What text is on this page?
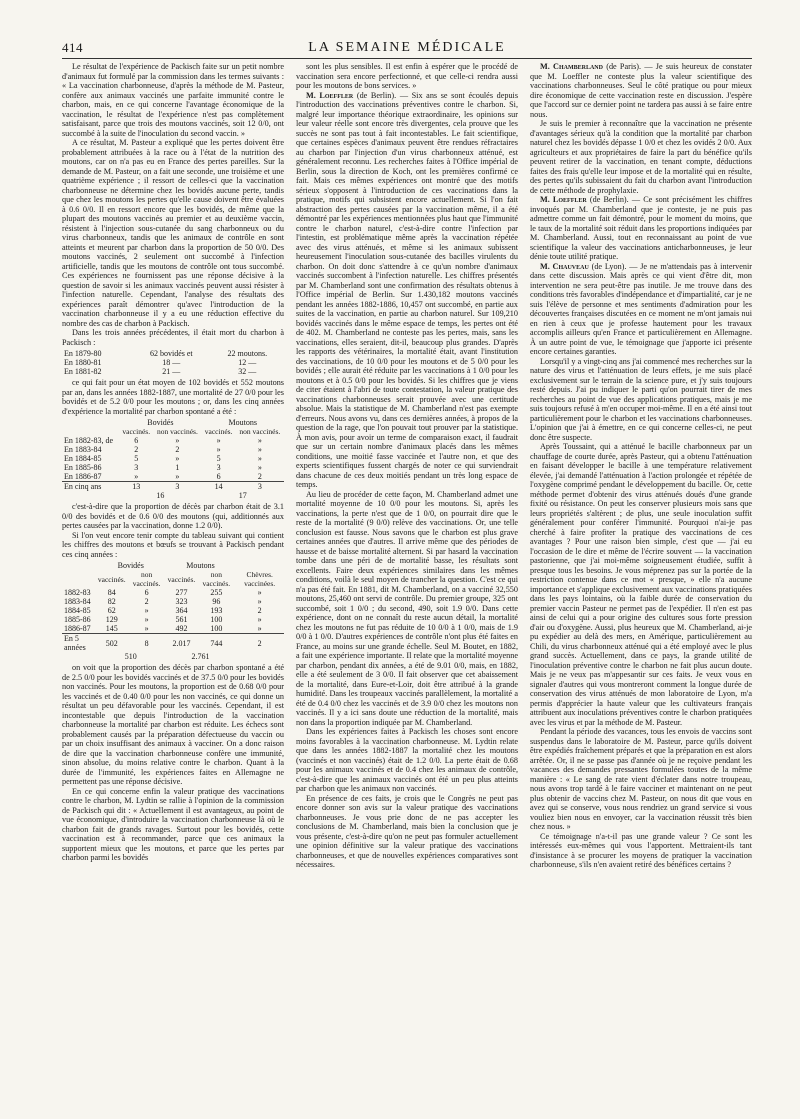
414	LA SEMAINE MÉDICALE

Le résultat de l'expérience de Packisch faite sur un petit nombre d'animaux fut formulé par la commission dans les termes suivants : « La vaccination charbonneuse, d'après la méthode de M. Pasteur, confère aux animaux vaccinés une parfaite immunité contre le charbon, mais, en ce qui concerne l'avantage économique de la vaccination, le résultat de l'expérience n'est pas complètement satisfaisant, parce que trois des moutons vaccinés, soit 12 0/0, ont succombé à la suite de l'inoculation du second vaccin. »

A ce résultat, M. Pasteur a expliqué que les pertes doivent être probablement attribuées à la race ou à l'état de la nutrition des moutons, car on n'a pas eu en France des pertes pareilles. Sur la demande de M. Pasteur, on a fait une seconde, une troisième et une quatrième expérience ; il ressort de celles-ci que la vaccination charbonneuse ne détermine chez les bovidés aucune perte, tandis que chez les moutons les pertes qu'elle cause doivent être évaluées à 0.6 0/0. Il en ressort encore que les bovidés, de même que la plupart des moutons vaccinés au premier et au deuxième vaccin, résistent à l'injection sous-cutanée du sang charbonneux ou du virus charbonneux, tandis que les animaux de contrôle en sont atteints et meurent par charbon dans la proportion de 50 0/0. Des moutons vaccinés, 2 seulement ont succombé à l'infection artificielle, tandis que les moutons de contrôle ont tous succombé. Ces expériences ne fournissent pas une réponse décisive à la question de savoir si les animaux vaccinés peuvent aussi résister à l'infection naturelle. Cependant, l'analyse des résultats des expériences paraît démontrer qu'avec l'introduction de la vaccination charbonneuse il y a eu une réduction effective du nombre des cas de charbon à Packisch.

Dans les trois années précédentes, il était mort du charbon à Packisch :

En 1879-80	62 bovidés et	22 moutons.
En 1880-81	18 —	12 —
En 1881-82	21 —	32 —

ce qui fait pour un état moyen de 102 bovidés et 552 moutons par an, dans les années 1882-1887, une mortalité de 27 0/0 pour les bovidés et de 5.2 0/0 pour les moutons ; or, dans les cinq années d'expérience la mortalité par charbon spontané a été :

	Bovidés		Moutons	
	vaccinés.	non vaccinés.	vaccinés.	non vaccinés.
En 1882-83, de	6	»	»	»
En 1883-84	2	2	»	»
En 1884-85	5	»	5	»
En 1885-86	3	1	3	»
En 1886-87	»	»	6	2
En cinq ans	13	3	14	3
	16		17	

c'est-à-dire que la proportion de décès par charbon était de 3.1 0/0 des bovidés et de 0.6 0/0 des moutons (qui, additionnés aux pertes causées par la vaccination, donne 1.2 0/0).

Si l'on veut encore tenir compte du tableau suivant qui contient les chiffres des moutons et bœufs se trouvant à Packisch pendant ces cinq années :

	Bovidés		Moutons		
	vaccinés.	non vaccinés.	vaccinés.	non vaccinés.	Chèvres. vaccinées.
1882-83	84	6	277	255	»
1883-84	82	2	323	96	»
1884-85	62	»	364	193	2
1885-86	129	»	561	100	»
1886-87	145	»	492	100	»
En 5 années	502	8	2.017	744	2
	510		2.761		

on voit que la proportion des décès par charbon spontané a été de 2.5 0/0 pour les bovidés vaccinés et de 37.5 0/0 pour les bovidés non vaccinés. Pour les moutons, la proportion est de 0.68 0/0 pour les vaccinés et de 0.40 0/0 pour les non vaccinés, ce qui donne un résultat un peu défavorable pour les vaccinés. Cependant, il est incontestable que depuis l'introduction de la vaccination charbonneuse la mortalité par charbon est réduite. Les échecs sont probablement causés par la préparation défectueuse du vaccin ou par un choix insuffisant des animaux à vacciner. On a donc raison de dire que la vaccination charbonneuse confère une immunité, sinon absolue, du moins relative contre le charbon. Quant à la durée de l'immunité, les expériences faites en Allemagne ne permettent pas une réponse décisive.

En ce qui concerne enfin la valeur pratique des vaccinations contre le charbon, M. Lydtin se rallie à l'opinion de la commission de Packisch qui dit : « Actuellement il est avantageux, au point de vue économique, d'introduire la vaccination charbonneuse là où le charbon fait de grands ravages. Surtout pour les bovidés, cette vaccination est à recommander, parce que ces animaux la supportent mieux que les moutons, et parce que les pertes par charbon parmi les bovidés

sont les plus sensibles. Il est enfin à espérer que le procédé de vaccination sera encore perfectionné, et que celle-ci rendra aussi pour les moutons de bons services. »

M. Loeffler (de Berlin). — Six ans se sont écoulés depuis l'introduction des vaccinations préventives contre le charbon. Si, malgré leur importance théorique extraordinaire, les opinions sur leur valeur réelle sont encore très divergentes, cela prouve que les succès ne sont pas tout à fait incontestables. Le fait scientifique, que certaines espèces d'animaux peuvent être rendues réfractaires au charbon par l'injection d'un virus charbonneux atténué, est généralement reconnu. Les recherches faites à l'Office impérial de Berlin, sous la direction de Koch, ont les premières confirmé ce fait. Mais ces mêmes expériences ont montré que des motifs sérieux s'opposent à l'introduction de ces vaccinations dans la pratique, motifs qui subsistent encore actuellement. Si l'on fait abstraction des pertes causées par la vaccination même, il a été démontré par les expériences mentionnées plus haut que l'immunité contre le charbon naturel, c'est-à-dire contre l'infection par l'intestin, est problématique même après la vaccination répétée avec des virus atténués, et même si les animaux subissent heureusement l'inoculation sous-cutanée des bacilles virulents du charbon. On doit donc s'attendre à ce qu'un nombre d'animaux vaccinés succombent à l'infection naturelle. Les chiffres présentés par M. Chamberland sont une confirmation des résultats obtenus à l'Office impérial de Berlin. Sur 1.430,182 moutons vaccinés pendant les années 1882-1886, 10,457 ont succombé, en partie aux suites de la vaccination, en partie au charbon naturel. Sur 109,210 bovidés vaccinés dans le même espace de temps, les pertes ont été de 402. M. Chamberland ne conteste pas les pertes, mais, sans les vaccinations, elles seraient, dit-il, beaucoup plus grandes. D'après les rapports des vétérinaires, la mortalité était, avant l'institution des vaccinations, de 10 0/0 pour les moutons et de 5 0/0 pour les bovidés ; elle aurait été réduite par les vaccinations à 1 0/0 pour les moutons et à 0.5 0/0 pour les bovidés. Si les chiffres que je viens de citer étaient à l'abri de toute contestation, la valeur pratique des vaccinations charbonneuses serait prouvée avec une certitude absolue. Mais la statistique de M. Chamberland n'est pas exempte d'erreurs. Nous avons vu, dans ces dernières années, à propos de la question de la rage, que l'on pouvait tout prouver par la statistique. À mon avis, pour avoir un terme de comparaison exact, il faudrait que sur un certain nombre d'animaux placés dans les mêmes conditions, une moitié fasse vaccinée et l'autre non, et que des experts scientifiques fussent chargés de noter ce qui surviendrait dans chacune de ces deux moitiés pendant un très long espace de temps.

Au lieu de procéder de cette façon, M. Chamberland admet une mortalité moyenne de 10 0/0 pour les moutons. Si, après les vaccinations, la perte n'est que de 1 0/0, on pourrait dire que le reste de la mortalité (9 0/0) relève des vaccinations. Or, une telle conclusion est fausse. Nous savons que le charbon est plus grave certaines années que d'autres. Il arrive même que des périodes de hausse et de baisse mortalité alternent. Si par hasard la vaccination tombe dans une péri de de mortalité basse, les résultats sont excellents. Faire deux expériences similaires dans les mêmes conditions, voilà le seul moyen de trancher la question. C'est ce qui n'a pas été fait. En 1881, dit M. Chamberland, on a vacciné 32,550 moutons, 25,460 ont servi de contrôle. Du premier groupe, 325 ont succombé, soit 1 0/0 ; du second, 490, soit 1.9 0/0. Dans cette expérience, dont on ne connaît du reste aucun détail, la mortalité chez les moutons ne fut pas réduite de 10 0/0 à 1 0/0, mais de 1.9 0/0 à 1 0/0. D'autres expériences de contrôle n'ont plus été faites en France, au moins sur une grande échelle. Seul M. Boutet, en 1882, a fait une expérience importante. Il relate que la mortalité moyenne par charbon, pendant dix années, a été de 9.01 0/0, mais, en 1882, elle a été seulement de 3 0/0. Il fait observer que cet abaissement de la mortalité, dans Eure-et-Loir, doit être attribué à la grande humidité. Dans les troupeaux vaccinés parallèlement, la mortalité a été de 0.4 0/0 chez les vaccinés et de 3.9 0/0 chez les moutons non vaccinés. Il y a ici sans doute une réduction de la mortalité, mais non dans la proportion indiquée par M. Chamberland.

Dans les expériences faites à Packisch les choses sont encore moins favorables à la vaccination charbonneuse. M. Lydtin relate que dans les années 1882-1887 la mortalité chez les moutons (vaccinés et non vaccinés) était de 1.2 0/0. La perte était de 0.68 pour les animaux vaccinés et de 0.4 chez les animaux de contrôle, c'est-à-dire que les animaux vaccinés ont été un peu plus atteints par charbon que les animaux non vaccinés.

En présence de ces faits, je crois que le Congrès ne peut pas encore donner son avis sur la valeur pratique des vaccinations charbonneuses. Je vous prie donc de ne pas accepter les conclusions de M. Chamberland, mais bien la conclusion que je vous présente, c'est-à-dire qu'on ne peut pas formuler actuellement une opinion définitive sur la valeur pratique des vaccinations charbonneuses, et que de nouvelles expériences comparatives sont nécessaires.

M. Chamberland (de Paris). — Je suis heureux de constater que M. Loeffler ne conteste plus la valeur scientifique des vaccinations charbonneuses. Seul le côté pratique ou pour mieux dire économique de cette vaccination reste en discussion. J'espère que l'accord sur ce dernier point ne tardera pas aussi à se faire entre nous.

Je suis le premier à reconnaître que la vaccination ne présente d'avantages sérieux qu'à la condition que la mortalité par charbon naturel chez les bovidés dépasse 1 0/0 et chez les ovidés 2 0/0. Aux agriculteurs et aux propriétaires de faire la part du bénéfice qu'ils peuvent retirer de la vaccination, en tenant compte, déductions faites des frais qu'elle leur impose et de la mortalité qui en résulte, des pertes qu'ils subissaient du fait du charbon avant l'introduction de cette méthode de prophylaxie.

M. Loeffler (de Berlin). — Ce sont précisément les chiffres invoqués par M. Chamberland que je conteste, je ne puis pas admettre comme un fait démontré, pour le moment du moins, que le taux de la mortalité soit réduit dans les proportions indiquées par M. Chamberland. Aussi, tout en reconnaissant au point de vue scientifique la valeur des vaccinations anticharbonneuses, je leur dénie toute utilité pratique.

M. Chauveau (de Lyon). — Je ne m'attendais pas à intervenir dans cette discussion. Mais après ce qui vient d'être dit, mon intervention ne sera peut-être pas inutile. Je me trouve dans des conditions très favorables d'indépendance et d'impartialité, car je ne suis l'élève de personne et mes sentiments d'admiration pour les découvertes françaises discutées en ce moment ne m'ont jamais nui en rien à ceux que je professe hautement pour les travaux accomplis ailleurs qu'en France et particulièrement en Allemagne. À un autre point de vue, le témoignage que j'apporte ici présente encore certaines garanties.

Lorsqu'il y a vingt-cinq ans j'ai commencé mes recherches sur la nature des virus et l'atténuation de leurs effets, je me suis placé exclusivement sur le terrain de la science pure, et j'y suis toujours resté depuis. J'ai pu indiquer le parti qu'on pourrait tirer de mes recherches au point de vue des applications pratiques, mais je me suis toujours refusé à m'en occuper moi-même. Il en a été ainsi tout particulièrement pour le charbon et les vaccinations charbonneuses. L'opinion que j'ai à émettre, en ce qui concerne celles-ci, ne peut donc être suspecte.

Après Toussaint, qui a atténué le bacille charbonneux par un chauffage de courte durée, après Pasteur, qui a obtenu l'atténuation en faisant développer le bacille à une température relativement élevée, j'ai demandé l'atténuation à l'action prolongée et répétée de l'oxygène comprimé pendant le développement du bacille. Or, cette méthode permet d'obtenir des virus atténués doués d'une grande fixité ou résistance. On peut les conserver plusieurs mois sans que leurs propriétés s'altèrent ; de plus, une seule inoculation suffit généralement pour conférer l'immunité. Pourquoi n'ai-je pas cherché à faire profiter la pratique des vaccinations de ces avantages ? Pour une raison bien simple, c'est que — j'ai eu l'occasion de le dire et même de l'écrire souvent — la vaccination pastorienne, que j'ai moi-même soigneusement étudiée, suffit à presque tous les besoins. Je vous méprenez pas sur la portée de la restriction contenue dans ce mot « presque, » elle n'a aucune importance et s'applique exclusivement aux vaccinations pratiquées dans les pays lointains, où la faible durée de conservation du premier vaccin Pasteur ne permet pas de l'expédier. Il n'en est pas ainsi de celui qui a pour origine des cultures sous forte pression d'air ou d'oxygène. Aussi, plus heureux que M. Chamberland, ai-je pu expédier au delà des mers, en Amérique, particulièrement au Chili, du virus charbonneux atténué qui a été employé avec le plus grand succès. Actuellement, dans ce pays, la grande utilité de l'inoculation préventive contre le charbon ne fait plus aucun doute. Mais je ne veux pas m'appesantir sur ces faits. Je veux vous en signaler d'autres qui vous montreront comment la longue durée de conservation des virus atténués de mon laboratoire de Lyon, m'a permis d'apprécier la haute valeur que les cultivateurs français attribuent aux inoculations préventives contre le charbon pratiquées avec les virus et par la méthode de M. Pasteur.

Pendant la période des vacances, tous les envois de vaccins sont suspendus dans le laboratoire de M. Pasteur, parce qu'ils doivent être expédiés fraîchement préparés et que la préparation en est alors arrêtée. Or, il ne se passe pas d'année où je ne reçoive pendant les vacances des demandes pressantes formulées toutes de la même manière : « Le sang de rate vient d'éclater dans notre troupeau, nous avons trop tardé à le faire vacciner et maintenant on ne peut plus obtenir de vaccins chez M. Pasteur, on nous dit que vous en avez qui se conserve, vous nous rendriez un grand service si vous vouliez bien nous en envoyer, car la vaccination réussit très bien chez nous. »

Ce témoignage n'a-t-il pas une grande valeur ? Ce sont les intéressés eux-mêmes qui vous l'apportent. Mettraient-ils tant d'insistance à se procurer les moyens de pratiquer la vaccination charbonneuse, s'ils n'en avaient retiré des bénéfices certains ?
